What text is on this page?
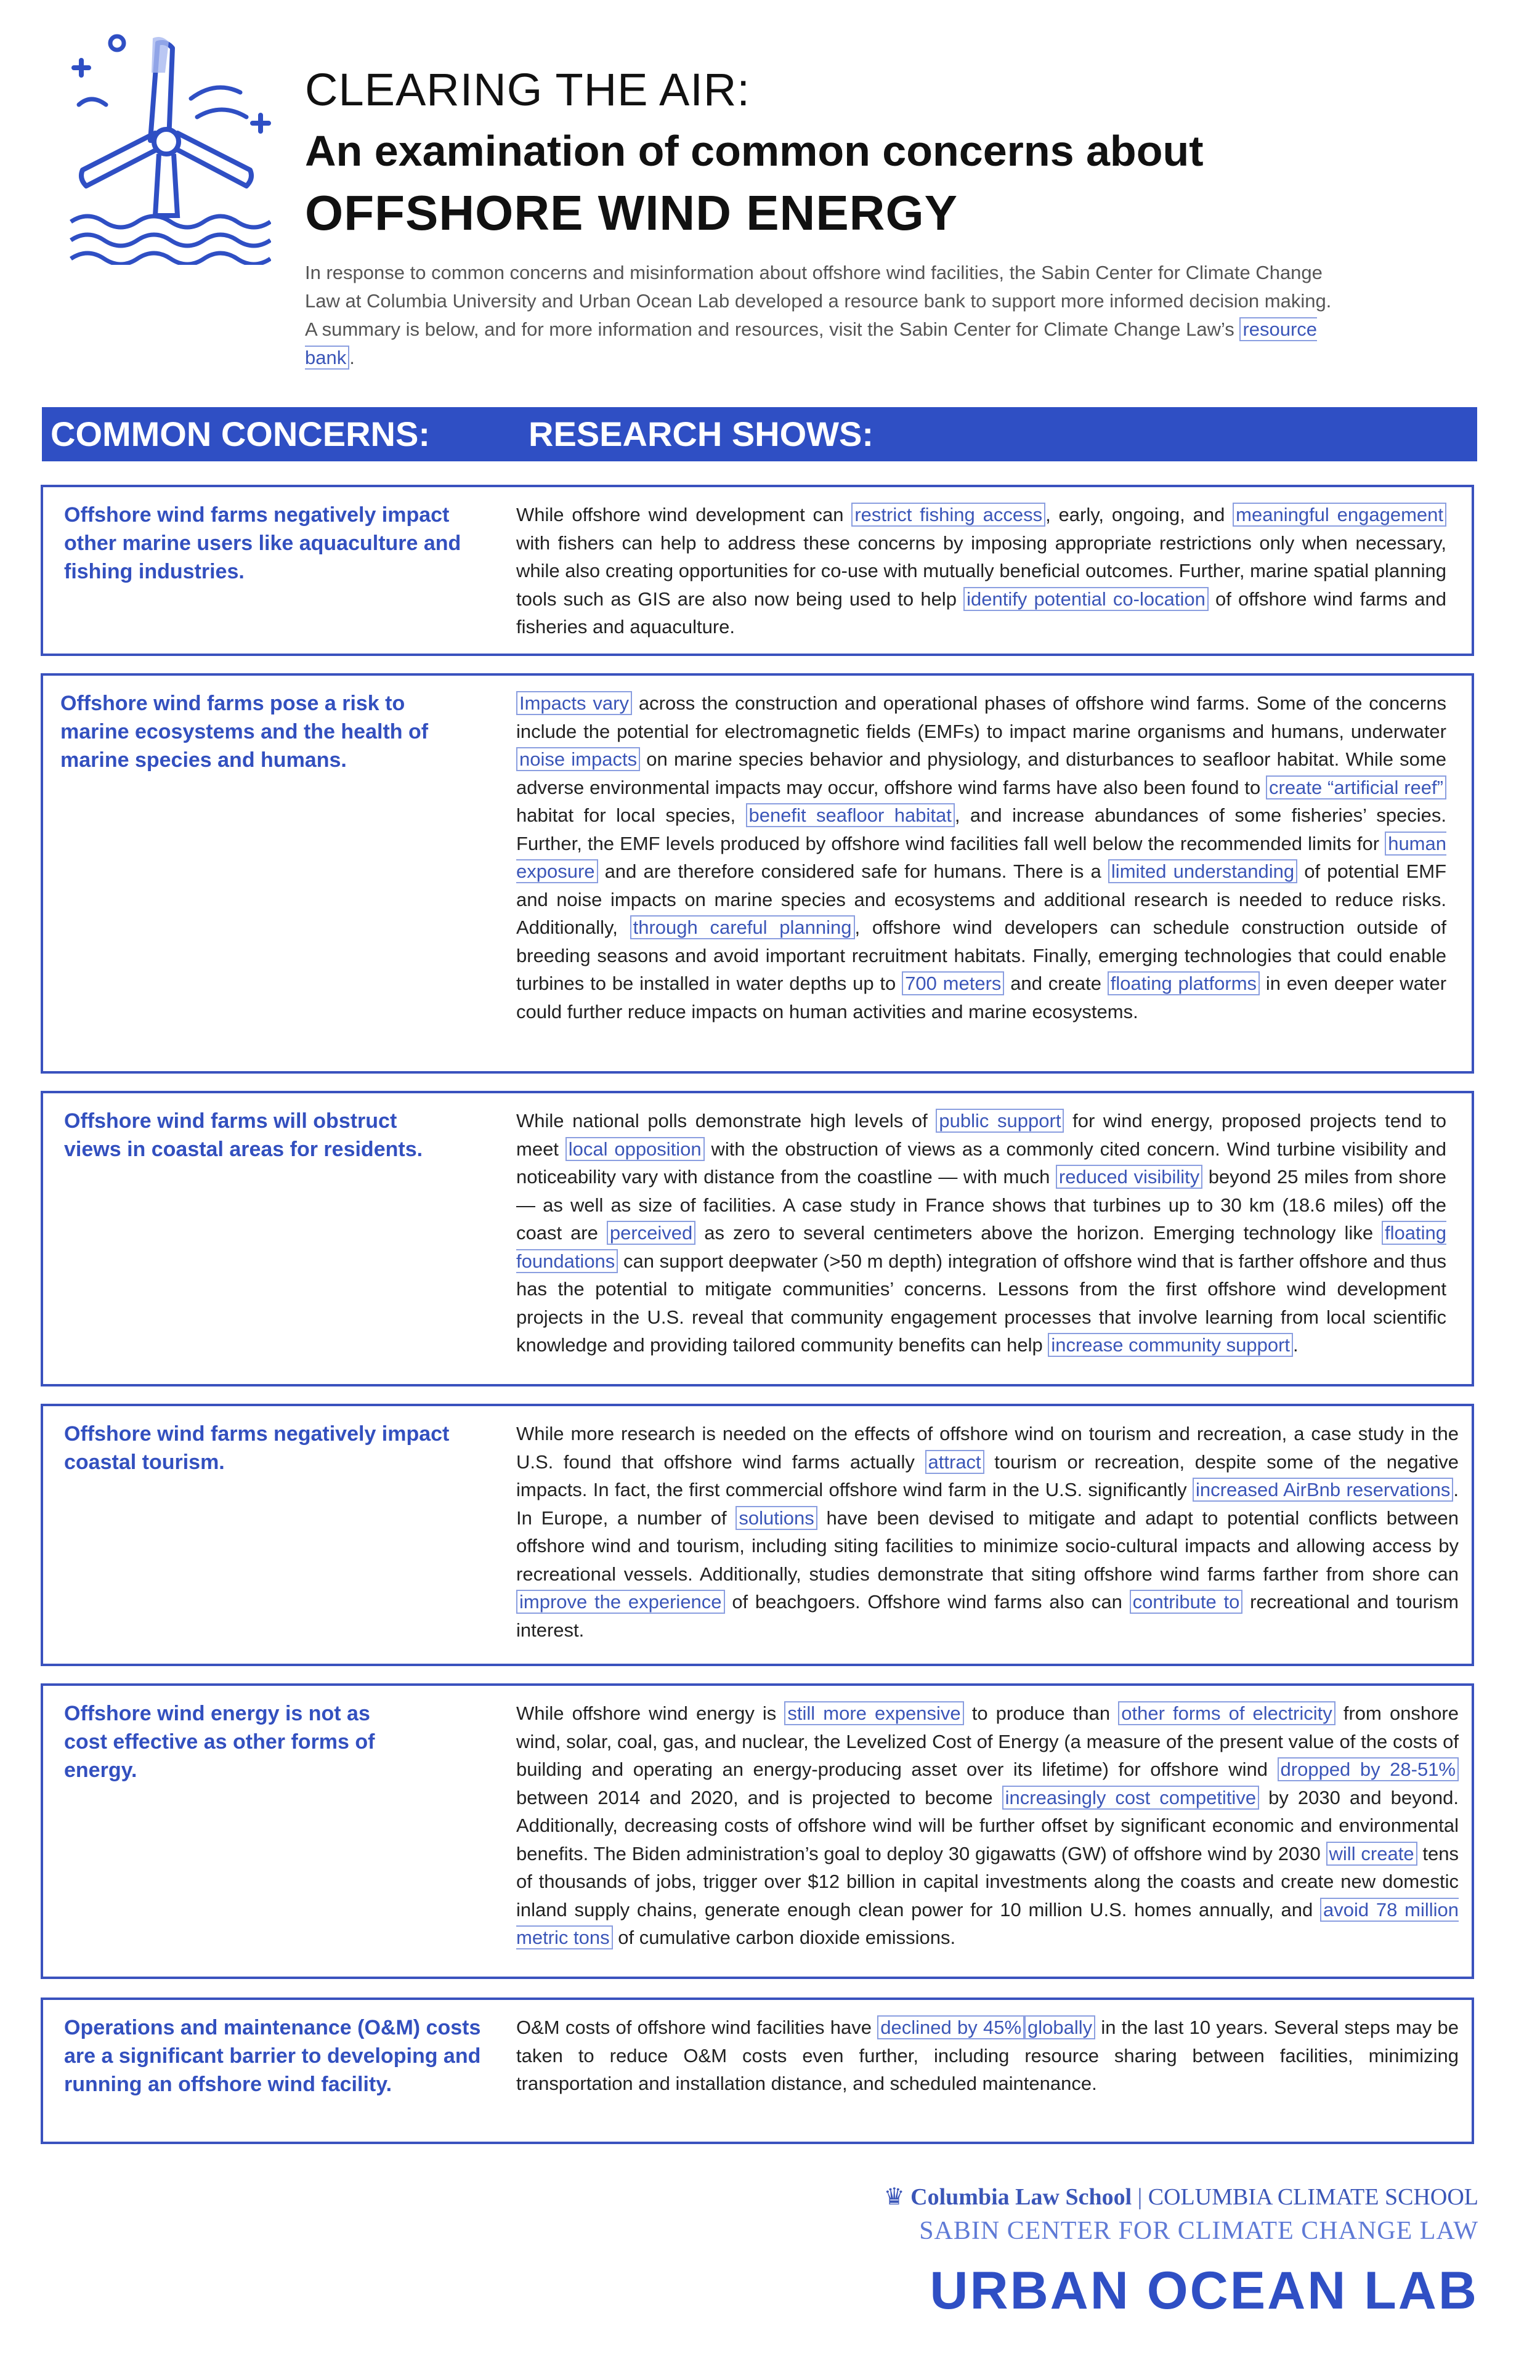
CLEARING THE AIR:

An examination of common concerns about

OFFSHORE WIND ENERGY

In response to common concerns and misinformation about offshore wind facilities, the Sabin Center for Climate Change Law at Columbia University and Urban Ocean Lab developed a resource bank to support more informed decision making. A summary is below, and for more information and resources, visit the Sabin Center for Climate Change Law’s resource bank .
COMMON CONCERNS:	RESEARCH SHOWS:
Offshore wind farms negatively impact other marine users like aquaculture and fishing industries.
While offshore wind development can restrict fishing access , early, ongoing, and meaningful engagement with fishers can help to address these concerns by imposing appropriate restrictions only when necessary, while also creating opportunities for co-use with mutually beneficial outcomes. Further, marine spatial planning tools such as GIS are also now being used to help identify potential co-location of offshore wind farms and fisheries and aquaculture.
Offshore wind farms pose a risk to marine ecosystems and the health of marine species and humans.
Impacts vary across the construction and operational phases of offshore wind farms. Some of the concerns include the potential for electromagnetic fields (EMFs) to impact marine organisms and humans, underwater noise impacts on marine species behavior and physiology, and disturbances to seafloor habitat. While some adverse environmental impacts may occur, offshore wind farms have also been found to create “artificial reef” habitat for local species, benefit seafloor habitat , and increase abundances of some fisheries’ species. Further, the EMF levels produced by offshore wind facilities fall well below the recommended limits for human exposure and are therefore considered safe for humans. There is a limited understanding of potential EMF and noise impacts on marine species and ecosystems and additional research is needed to reduce risks. Additionally, through careful planning , offshore wind developers can schedule construction outside of breeding seasons and avoid important recruitment habitats. Finally, emerging technologies that could enable turbines to be installed in water depths up to 700 meters and create floating platforms in even deeper water could further reduce impacts on human activities and marine ecosystems.
Offshore wind farms will obstruct views in coastal areas for residents.
While national polls demonstrate high levels of public support for wind energy, proposed projects tend to meet local opposition with the obstruction of views as a commonly cited concern. Wind turbine visibility and noticeability vary with distance from the coastline — with much reduced visibility beyond 25 miles from shore — as well as size of facilities. A case study in France shows that turbines up to 30 km (18.6 miles) off the coast are perceived as zero to several centimeters above the horizon. Emerging technology like floating foundations can support deepwater (>50 m depth) integration of offshore wind that is farther offshore and thus has the potential to mitigate communities’ concerns. Lessons from the first offshore wind development projects in the U.S. reveal that community engagement processes that involve learning from local scientific knowledge and providing tailored community benefits can help increase community support .
Offshore wind farms negatively impact coastal tourism.
While more research is needed on the effects of offshore wind on tourism and recreation, a case study in the U.S. found that offshore wind farms actually attract tourism or recreation, despite some of the negative impacts. In fact, the first commercial offshore wind farm in the U.S. significantly increased AirBnb reservations . In Europe, a number of solutions have been devised to mitigate and adapt to potential conflicts between offshore wind and tourism, including siting facilities to minimize socio-cultural impacts and allowing access by recreational vessels. Additionally, studies demonstrate that siting offshore wind farms farther from shore can improve the experience of beachgoers. Offshore wind farms also can contribute to recreational and tourism interest.
Offshore wind energy is not as cost effective as other forms of energy.
While offshore wind energy is still more expensive to produce than other forms of electricity from onshore wind, solar, coal, gas, and nuclear, the Levelized Cost of Energy (a measure of the present value of the costs of building and operating an energy-producing asset over its lifetime) for offshore wind dropped by 28-51% between 2014 and 2020, and is projected to become increasingly cost competitive by 2030 and beyond. Additionally, decreasing costs of offshore wind will be further offset by significant economic and environmental benefits. The Biden administration’s goal to deploy 30 gigawatts (GW) of offshore wind by 2030 will create tens of thousands of jobs, trigger over $12 billion in capital investments along the coasts and create new domestic inland supply chains, generate enough clean power for 10 million U.S. homes annually, and avoid 78 million metric tons of cumulative carbon dioxide emissions.
Operations and maintenance (O&M) costs are a significant barrier to developing and running an offshore wind facility.
O&M costs of offshore wind facilities have declined by 45% globally in the last 10 years. Several steps may be taken to reduce O&M costs even further, including resource sharing between facilities, minimizing transportation and installation distance, and scheduled maintenance.
♛ Columbia Law School | COLUMBIA CLIMATE SCHOOL
SABIN CENTER FOR CLIMATE CHANGE LAW
URBAN OCEAN LAB
